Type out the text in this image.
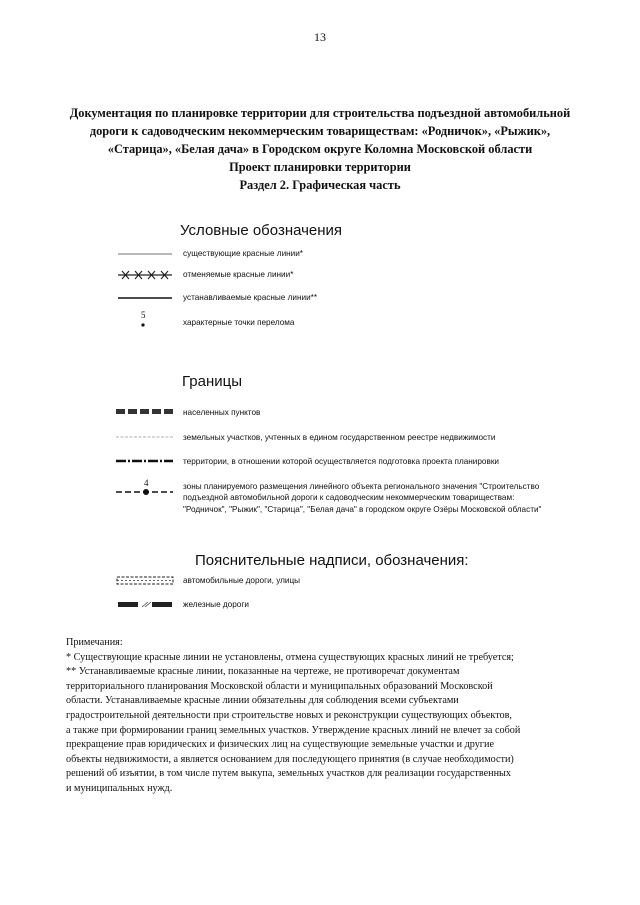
13
Документация по планировке территории для строительства подъездной автомобильной
дороги к садоводческим некоммерческим товариществам: «Родничок», «Рыжик»,
«Старица», «Белая дача» в Городском округе Коломна Московской области
Проект планировки территории
Раздел 2. Графическая часть
Условные обозначения
существующие красные линии*
отменяемые красные линии*
устанавливаемые красные линии**
5
характерные точки перелома
Границы
населенных пунктов
земельных участков, учтенных в едином государственном реестре недвижимости
территории, в отношении которой осуществляется подготовка проекта планировки
4	зоны планируемого размещения линейного объекта регионального значения "Строительство
подъездной автомобильной дороги к садоводческим некоммерческим товариществам:
"Родничок", "Рыжик", "Старица", "Белая дача" в городском округе Озёры Московской области"
Пояснительные надписи, обозначения:
автомобильные дороги, улицы
железные дороги
Примечания:
* Существующие красные линии не установлены, отмена существующих красных линий не требуется;
** Устанавливаемые красные линии, показанные на чертеже, не противоречат документам
территориального планирования Московской области и муниципальных образований Московской
области. Устанавливаемые красные линии обязательны для соблюдения всеми субъектами
градостроительной деятельности при строительстве новых и реконструкции существующих объектов,
а также при формировании границ земельных участков. Утверждение красных линий не влечет за собой
прекращение прав юридических и физических лиц на существующие земельные участки и другие
объекты недвижимости, а является основанием для последующего принятия (в случае необходимости)
решений об изъятии, в том числе путем выкупа, земельных участков для реализации государственных
и муниципальных нужд.
